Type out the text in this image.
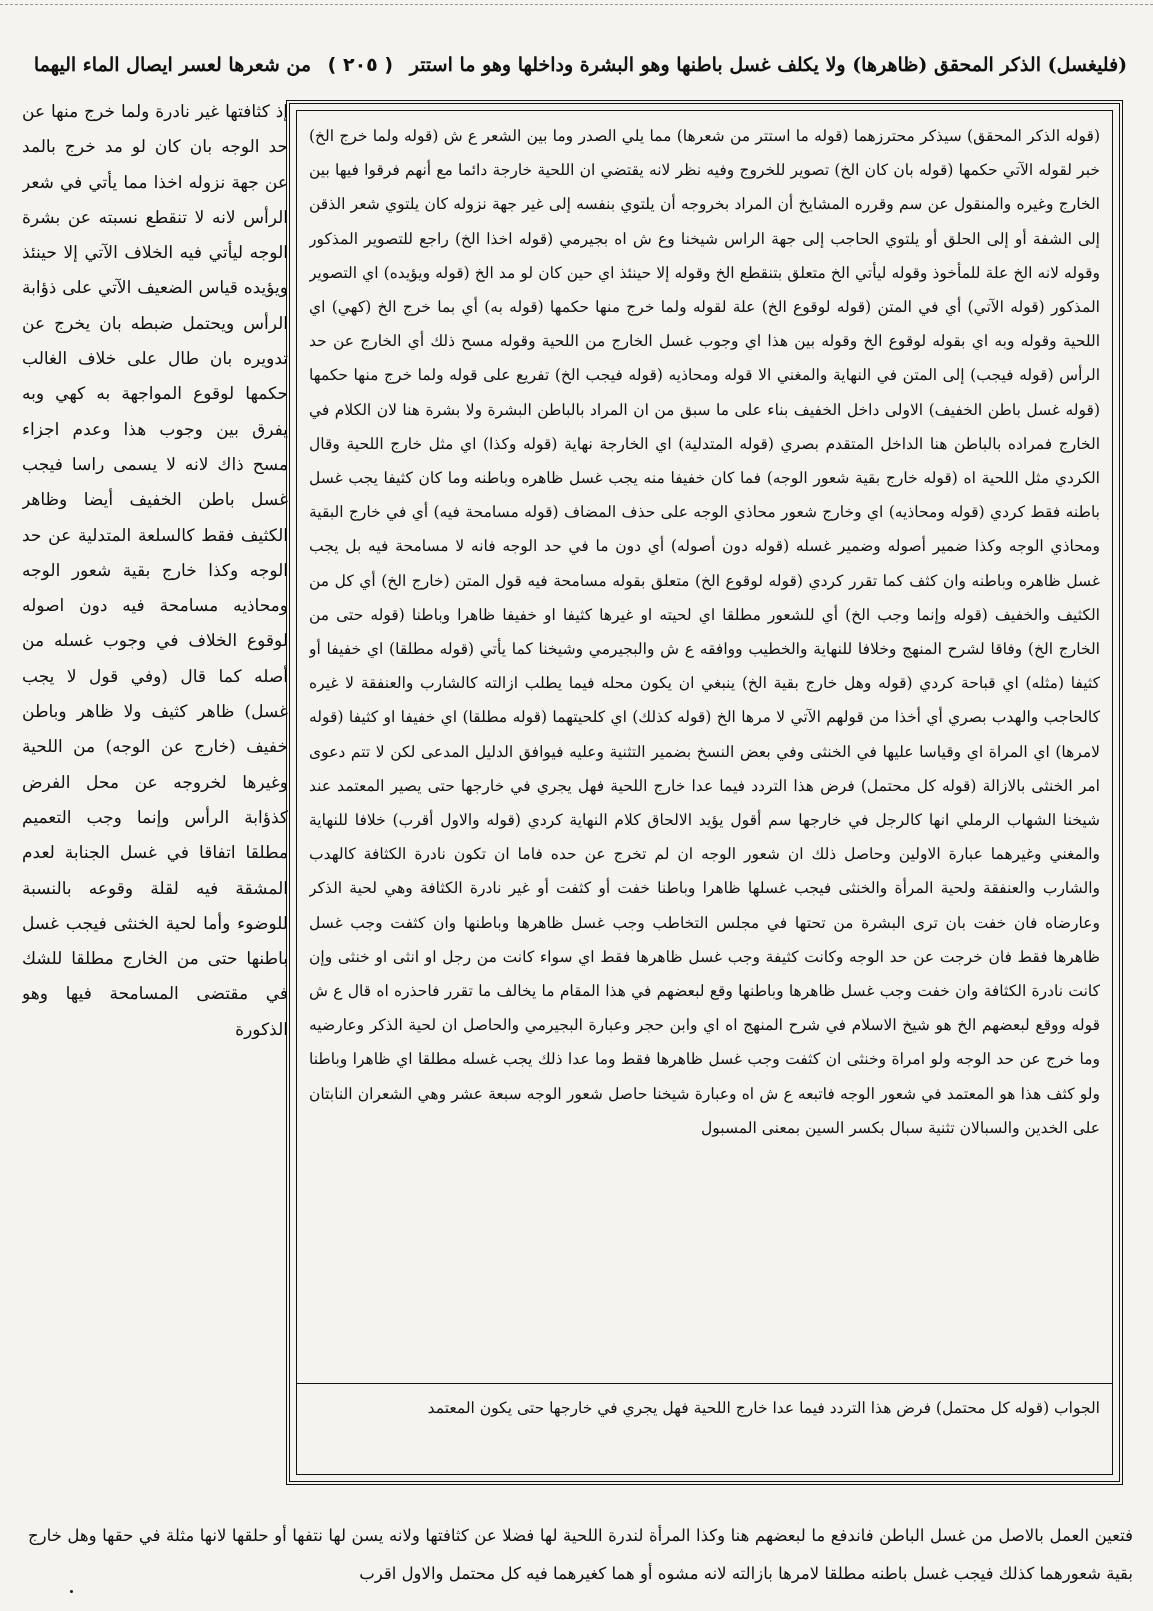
(فليغسل) الذكر المحقق (ظاهرها) ولا يكلف غسل باطنها وهو البشرة وداخلها وهو ما استتر ( ٢٠٥ ) من شعرها لعسر ايصال الماء اليهما

إذ كثافتها غير نادرة ولما خرج منها عن حد الوجه بان كان لو مد خرج بالمد عن جهة نزوله اخذا مما يأتي في شعر الرأس لانه لا تنقطع نسبته عن بشرة الوجه ليأتي فيه الخلاف الآتي إلا حينئذ ويؤيده قياس الضعيف الآتي على ذؤابة الرأس ويحتمل ضبطه بان يخرج عن تدويره بان طال على خلاف الغالب حكمها لوقوع المواجهة به كهي وبه يفرق بين وجوب هذا وعدم اجزاء مسح ذاك لانه لا يسمى راسا فيجب غسل باطن الخفيف أيضا وظاهر الكثيف فقط كالسلعة المتدلية عن حد الوجه وكذا خارج بقية شعور الوجه ومحاذيه مسامحة فيه دون اصوله لوقوع الخلاف في وجوب غسله من أصله كما قال (وفي قول لا يجب غسل) ظاهر كثيف ولا ظاهر وباطن خفيف (خارج عن الوجه) من اللحية وغيرها لخروجه عن محل الفرض كذؤابة الرأس وإنما وجب التعميم مطلقا اتفاقا في غسل الجنابة لعدم المشقة فيه لقلة وقوعه بالنسبة للوضوء وأما لحية الخنثى فيجب غسل باطنها حتى من الخارج مطلقا للشك في مقتضى المسامحة فيها وهو الذكورة

(قوله الذكر المحقق) سيذكر محترزهما (قوله ما استتر من شعرها) مما يلي الصدر وما بين الشعر ع ش (قوله ولما خرج الخ) خبر لقوله الآتي حكمها (قوله بان كان الخ) تصوير للخروج وفيه نظر لانه يقتضي ان اللحية خارجة دائما مع أنهم فرقوا فيها بين الخارج وغيره والمنقول عن سم وقرره المشايخ أن المراد بخروجه أن يلتوي بنفسه إلى غير جهة نزوله كان يلتوي شعر الذقن إلى الشفة أو إلى الحلق أو يلتوي الحاجب إلى جهة الراس شيخنا وع ش اه بجيرمي (قوله اخذا الخ) راجع للتصوير المذكور وقوله لانه الخ علة للمأخوذ وقوله ليأتي الخ متعلق بتنقطع الخ وقوله إلا حينئذ اي حين كان لو مد الخ (قوله ويؤيده) اي التصوير المذكور (قوله الآتي) أي في المتن (قوله لوقوع الخ) علة لقوله ولما خرج منها حكمها (قوله به) أي بما خرج الخ (كهي) اي اللحية وقوله وبه اي بقوله لوقوع الخ وقوله بين هذا اي وجوب غسل الخارج من اللحية وقوله مسح ذلك أي الخارج عن حد الرأس (قوله فيجب) إلى المتن في النهاية والمغني الا قوله ومحاذيه (قوله فيجب الخ) تفريع على قوله ولما خرج منها حكمها (قوله غسل باطن الخفيف) الاولى داخل الخفيف بناء على ما سبق من ان المراد بالباطن البشرة ولا بشرة هنا لان الكلام في الخارج فمراده بالباطن هنا الداخل المتقدم بصري (قوله المتدلية) اي الخارجة نهاية (قوله وكذا) اي مثل خارج اللحية وقال الكردي مثل اللحية اه (قوله خارج بقية شعور الوجه) فما كان خفيفا منه يجب غسل ظاهره وباطنه وما كان كثيفا يجب غسل باطنه فقط كردي (قوله ومحاذيه) اي وخارج شعور محاذي الوجه على حذف المضاف (قوله مسامحة فيه) أي في خارج البقية ومحاذي الوجه وكذا ضمير أصوله وضمير غسله (قوله دون أصوله) أي دون ما في حد الوجه فانه لا مسامحة فيه بل يجب غسل ظاهره وباطنه وان كثف كما تقرر كردي (قوله لوقوع الخ) متعلق بقوله مسامحة فيه قول المتن (خارج الخ) أي كل من الكثيف والخفيف (قوله وإنما وجب الخ) أي للشعور مطلقا اي لحيته او غيرها كثيفا او خفيفا ظاهرا وباطنا (قوله حتى من الخارج الخ) وفاقا لشرح المنهج وخلافا للنهاية والخطيب ووافقه ع ش والبجيرمي وشيخنا كما يأتي (قوله مطلقا) اي خفيفا أو كثيفا (مثله) اي قباحة كردي (قوله وهل خارج بقية الخ) ينبغي ان يكون محله فيما يطلب ازالته كالشارب والعنفقة لا غيره كالحاجب والهدب بصري أي أخذا من قولهم الآتي لا مرها الخ (قوله كذلك) اي كلحيتهما (قوله مطلقا) اي خفيفا او كثيفا (قوله لامرها) اي المراة اي وقياسا عليها في الخنثى وفي بعض النسخ بضمير التثنية وعليه فيوافق الدليل المدعى لكن لا تتم دعوى امر الخنثى بالازالة (قوله كل محتمل) فرض هذا التردد فيما عدا خارج اللحية فهل يجري في خارجها حتى يصير المعتمد عند شيخنا الشهاب الرملي انها كالرجل في خارجها سم أقول يؤيد الالحاق كلام النهاية كردي (قوله والاول أقرب) خلافا للنهاية والمغني وغيرهما عبارة الاولين وحاصل ذلك ان شعور الوجه ان لم تخرج عن حده فاما ان تكون نادرة الكثافة كالهدب والشارب والعنفقة ولحية المرأة والخنثى فيجب غسلها ظاهرا وباطنا خفت أو كثفت أو غير نادرة الكثافة وهي لحية الذكر وعارضاه فان خفت بان ترى البشرة من تحتها في مجلس التخاطب وجب غسل ظاهرها وباطنها وان كثفت وجب غسل ظاهرها فقط فان خرجت عن حد الوجه وكانت كثيفة وجب غسل ظاهرها فقط اي سواء كانت من رجل او انثى او خنثى وإن كانت نادرة الكثافة وان خفت وجب غسل ظاهرها وباطنها وقع لبعضهم في هذا المقام ما يخالف ما تقرر فاحذره اه قال ع ش قوله ووقع لبعضهم الخ هو شيخ الاسلام في شرح المنهج اه اي وابن حجر وعبارة البجيرمي والحاصل ان لحية الذكر وعارضيه وما خرج عن حد الوجه ولو امراة وخنثى ان كثفت وجب غسل ظاهرها فقط وما عدا ذلك يجب غسله مطلقا اي ظاهرا وباطنا ولو كثف هذا هو المعتمد في شعور الوجه فاتبعه ع ش اه وعبارة شيخنا حاصل شعور الوجه سبعة عشر وهي الشعران النابتان على الخدين والسبالان تثنية سبال بكسر السين بمعنى المسبول

الجواب (قوله كل محتمل) فرض هذا التردد فيما عدا خارج اللحية فهل يجري في خارجها حتى يكون المعتمد

فتعين العمل بالاصل من غسل الباطن فاندفع ما لبعضهم هنا وكذا المرأة لندرة اللحية لها فضلا عن كثافتها ولانه يسن لها نتفها أو حلقها لانها مثلة في حقها وهل خارج بقية شعورهما كذلك فيجب غسل باطنه مطلقا لامرها بازالته لانه مشوه أو هما كغيرهما فيه كل محتمل والاول اقرب
